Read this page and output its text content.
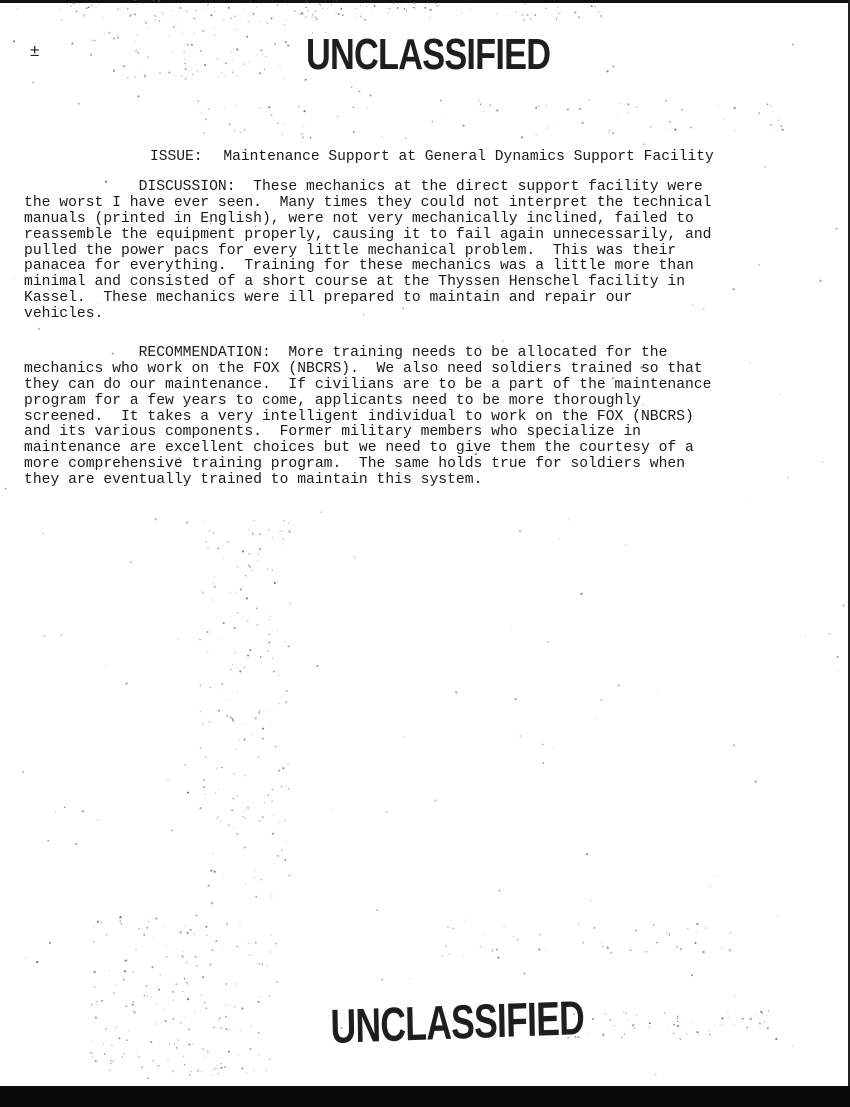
±	UNCLASSIFIED
ISSUE: Maintenance Support at General Dynamics Support Facility
DISCUSSION:  These mechanics at the direct support facility were
the worst I have ever seen.  Many times they could not interpret the technical
manuals (printed in English), were not very mechanically inclined, failed to
reassemble the equipment properly, causing it to fail again unnecessarily, and
pulled the power pacs for every little mechanical problem.  This was their
panacea for everything.  Training for these mechanics was a little more than
minimal and consisted of a short course at the Thyssen Henschel facility in
Kassel.  These mechanics were ill prepared to maintain and repair our
vehicles.
RECOMMENDATION:  More training needs to be allocated for the
mechanics who work on the FOX (NBCRS).  We also need soldiers trained so that
they can do our maintenance.  If civilians are to be a part of the maintenance
program for a few years to come, applicants need to be more thoroughly
screened.  It takes a very intelligent individual to work on the FOX (NBCRS)
and its various components.  Former military members who specialize in
maintenance are excellent choices but we need to give them the courtesy of a
more comprehensive training program.  The same holds true for soldiers when
they are eventually trained to maintain this system.
UNCLASSIFIED
